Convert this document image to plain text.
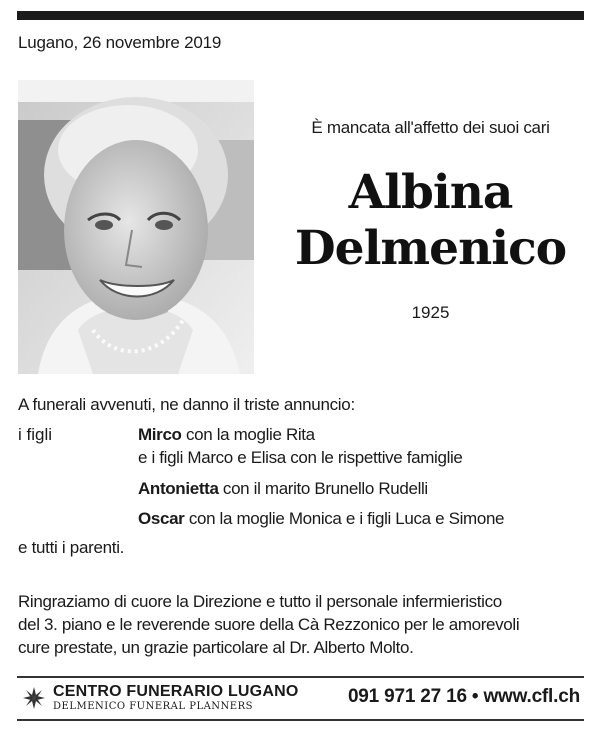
Lugano, 26 novembre 2019
È mancata all'affetto dei suoi cari
Albina
Delmenico
1925
A funerali avvenuti, ne danno il triste annuncio:
i figli	Mirco con la moglie Rita
e i figli Marco e Elisa con le rispettive famiglie
Antonietta con il marito Brunello Rudelli
Oscar con la moglie Monica e i figli Luca e Simone
e tutti i parenti.
Ringraziamo di cuore la Direzione e tutto il personale infermieristico
del 3. piano e le reverende suore della Cà Rezzonico per le amorevoli
cure prestate, un grazie particolare al Dr. Alberto Molto.
CENTRO FUNERARIO LUGANO
DELMENICO FUNERAL PLANNERS	091 971 27 16 • www.cfl.ch
